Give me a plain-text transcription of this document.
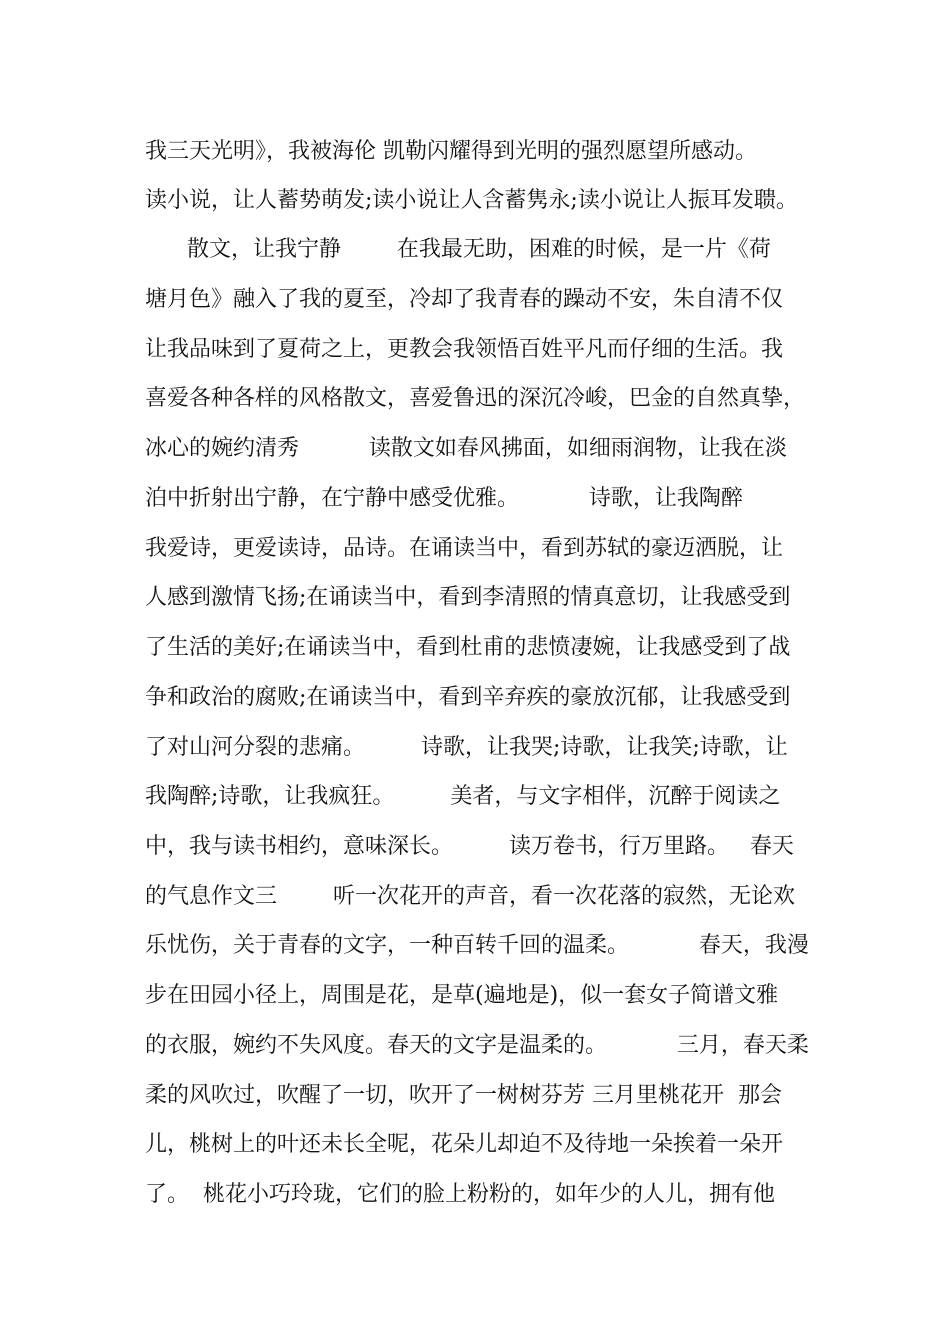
我三天光明》，我被海伦 凯勒闪耀得到光明的强烈愿望所感动。
读小说，让人蓄势萌发;读小说让人含蓄隽永;读小说让人振耳发聩。
散文，让我宁静        在我最无助，困难的时候，是一片《荷
塘月色》融入了我的夏至，冷却了我青春的躁动不安，朱自清不仅
让我品味到了夏荷之上，更教会我领悟百姓平凡而仔细的生活。我
喜爱各种各样的风格散文，喜爱鲁迅的深沉冷峻，巴金的自然真挚，
冰心的婉约清秀          读散文如春风拂面，如细雨润物，让我在淡
泊中折射出宁静，在宁静中感受优雅。          诗歌，让我陶醉
我爱诗，更爱读诗，品诗。在诵读当中，看到苏轼的豪迈洒脱，让
人感到激情飞扬;在诵读当中，看到李清照的情真意切，让我感受到
了生活的美好;在诵读当中，看到杜甫的悲愤凄婉，让我感受到了战
争和政治的腐败;在诵读当中，看到辛弃疾的豪放沉郁，让我感受到
了对山河分裂的悲痛。        诗歌，让我哭;诗歌，让我笑;诗歌，让
我陶醉;诗歌，让我疯狂。        美者，与文字相伴，沉醉于阅读之
中，我与读书相约，意味深长。        读万卷书，行万里路。   春天
的气息作文三        听一次花开的声音，看一次花落的寂然，无论欢
乐忧伤，关于青春的文字，一种百转千回的温柔。          春天，我漫
步在田园小径上，周围是花，是草(遍地是)，似一套女子简谱文雅
的衣服，婉约不失风度。春天的文字是温柔的。          三月，春天柔
柔的风吹过，吹醒了一切，吹开了一树树芬芳 三月里桃花开  那会
儿，桃树上的叶还未长全呢，花朵儿却迫不及待地一朵挨着一朵开
了。  桃花小巧玲珑，它们的脸上粉粉的，如年少的人儿，拥有他
